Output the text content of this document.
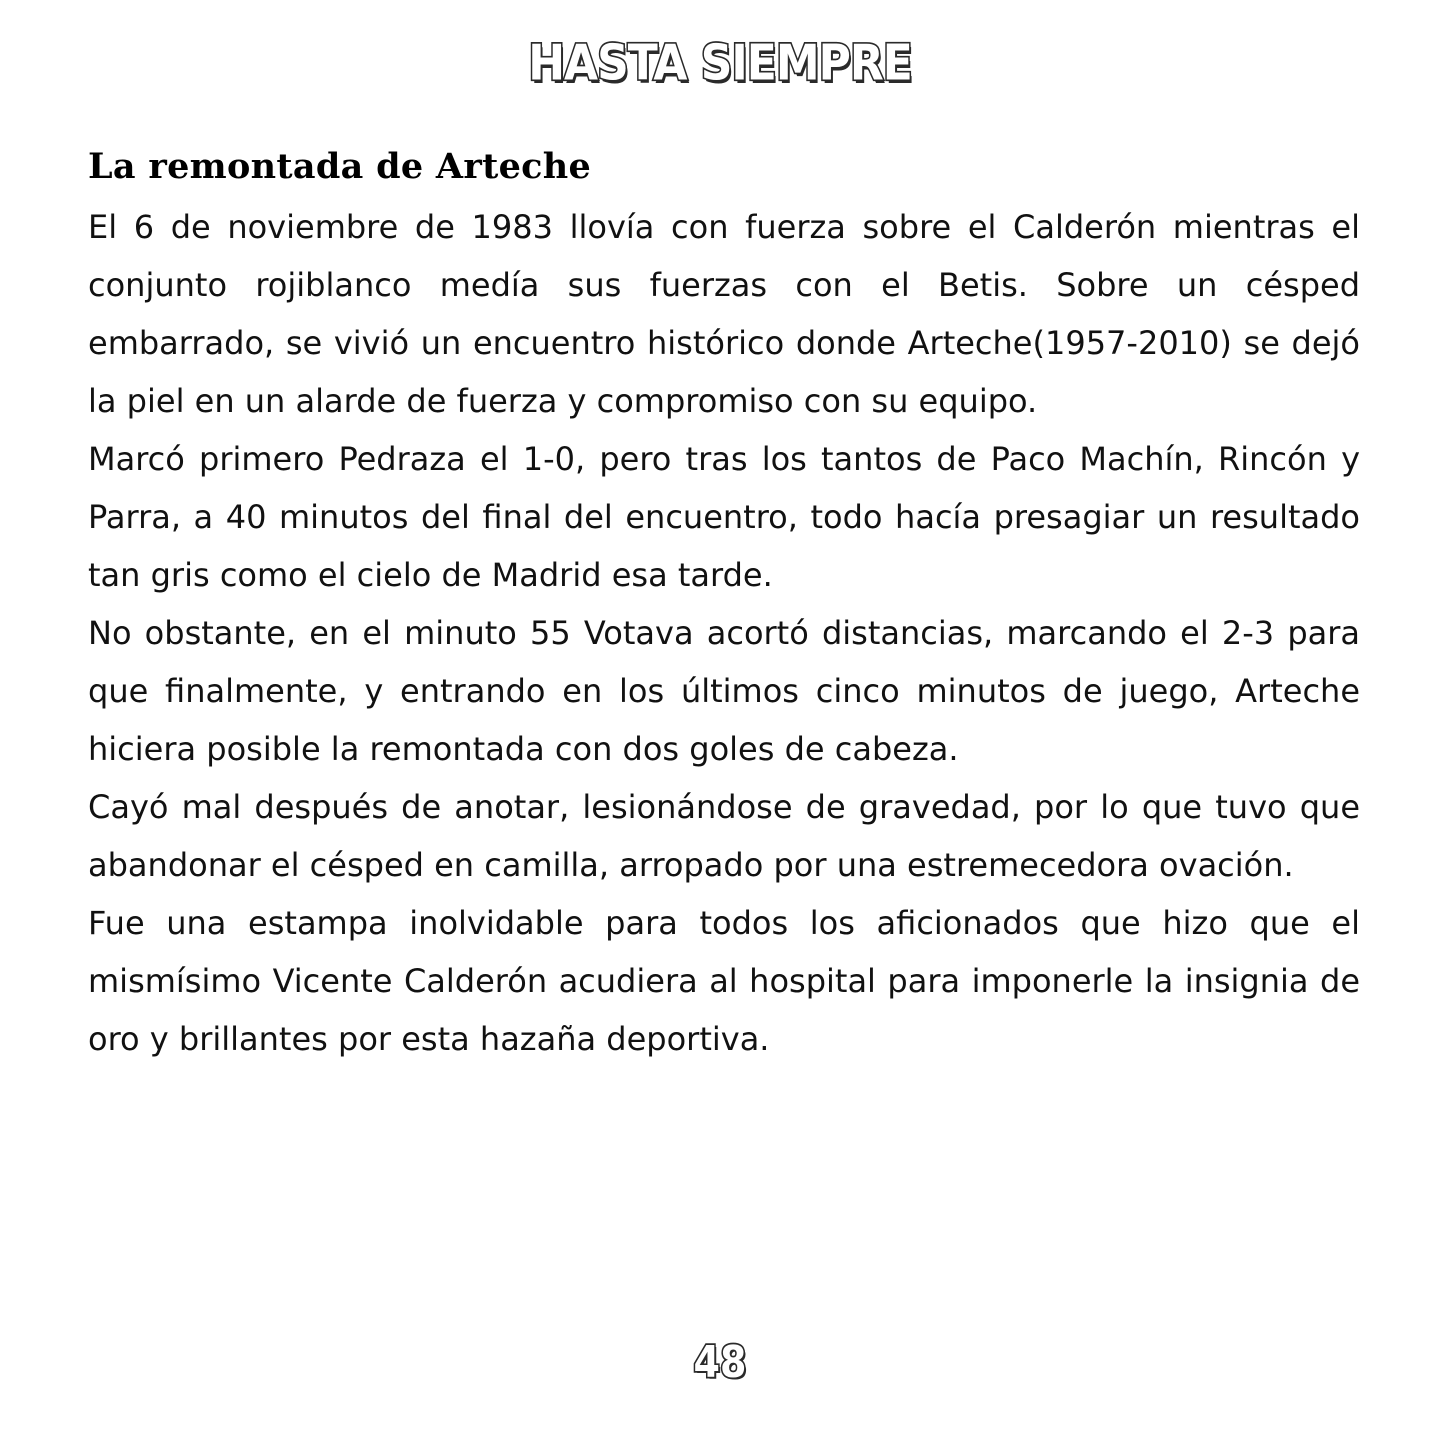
HASTA SIEMPRE
La remontada de Arteche

El 6 de noviembre de 1983 llovía con fuerza sobre el Calderón mientras el conjunto rojiblanco medía sus fuerzas con el Betis. Sobre un césped embarrado, se vivió un encuentro histórico donde Arteche(1957-2010) se dejó la piel en un alarde de fuerza y compromiso con su equipo.

Marcó primero Pedraza el 1-0, pero tras los tantos de Paco Machín, Rincón y Parra, a 40 minutos del final del encuentro, todo hacía presagiar un resultado tan gris como el cielo de Madrid esa tarde.

No obstante, en el minuto 55 Votava acortó distancias, marcando el 2-3 para que finalmente, y entrando en los últimos cinco minutos de juego, Arteche hiciera posible la remontada con dos goles de cabeza.

Cayó mal después de anotar, lesionándose de gravedad, por lo que tuvo que abandonar el césped en camilla, arropado por una estremecedora ovación.

Fue una estampa inolvidable para todos los aficionados que hizo que el mismísimo Vicente Calderón acudiera al hospital para imponerle la insignia de oro y brillantes por esta hazaña deportiva.

48
